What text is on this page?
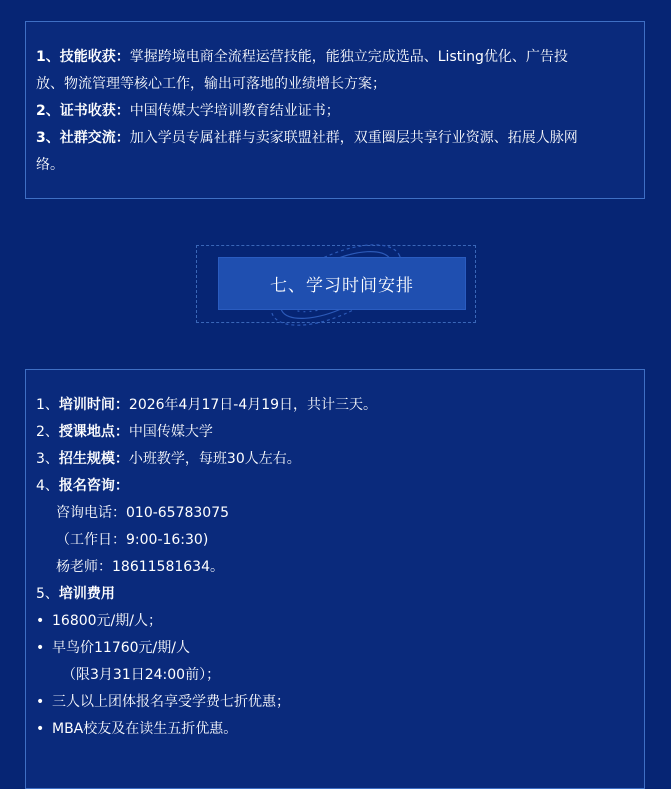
1、技能收获：掌握跨境电商全流程运营技能，能独立完成选品、Listing优化、广告投

放、物流管理等核心工作，输出可落地的业绩增长方案；

2、证书收获：中国传媒大学培训教育结业证书；

3、社群交流：加入学员专属社群与卖家联盟社群，双重圈层共享行业资源、拓展人脉网

络。

七、学习时间安排

1、培训时间：2026年4月17日-4月19日，共计三天。

2、授课地点：中国传媒大学

3、招生规模：小班教学，每班30人左右。

4、报名咨询：

咨询电话：010-65783075

（工作日：9:00-16:30)

杨老师：18611581634。

5、培训费用

• 16800元/期/人；

• 早鸟价11760元/期/人

（限3月31日24:00前）；

• 三人以上团体报名享受学费七折优惠；

• MBA校友及在读生五折优惠。
